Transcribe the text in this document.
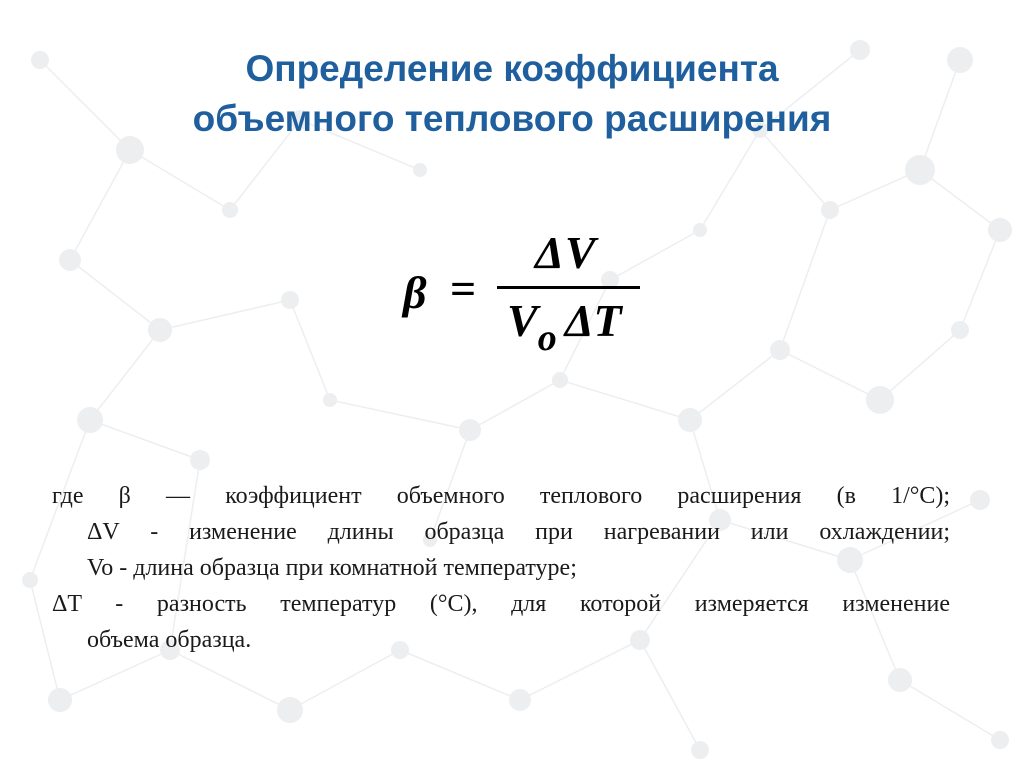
Определение коэффициента
объемного теплового расширения
β =
ΔV
$V_o$ ΔT

где β — коэффициент объемного теплового расширения (в 1/°C);

ΔV - изменение длины образца при нагревании или охлаждении;

Vo - длина образца при комнатной температуре;

ΔT - разность температур (°C), для которой измеряется изменение

объема образца.
